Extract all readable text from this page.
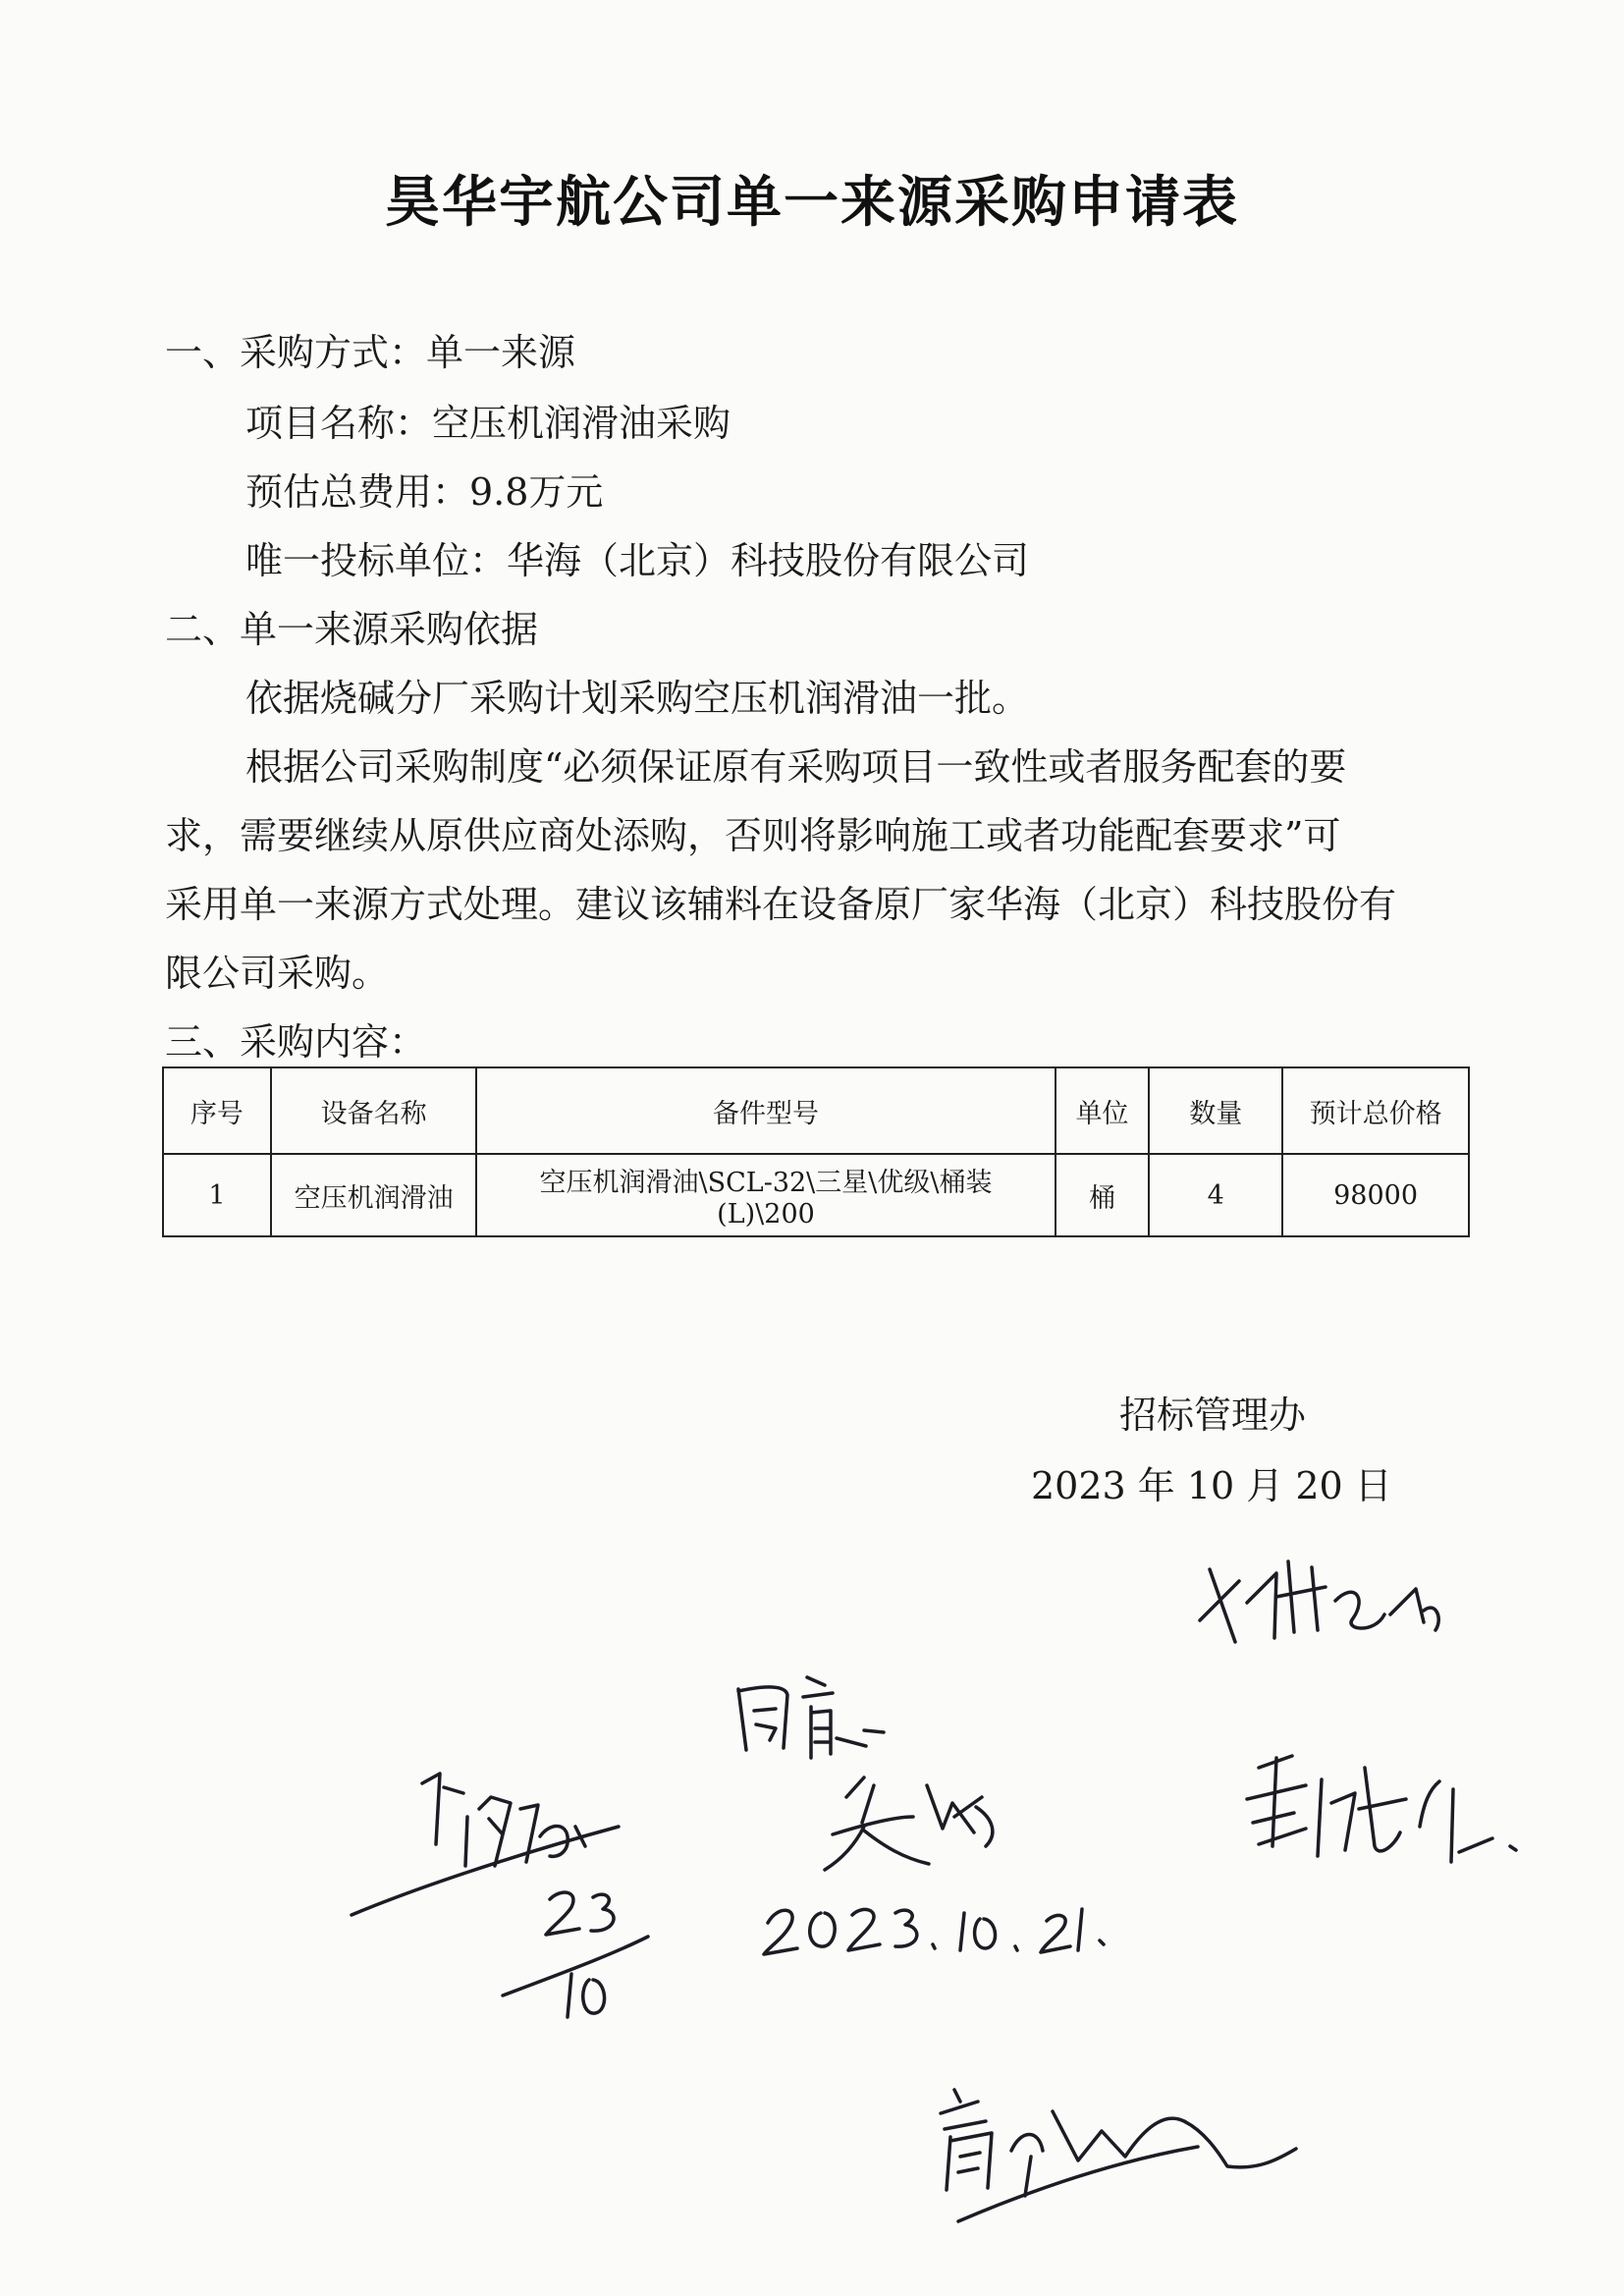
昊华宇航公司单一来源采购申请表
一、采购方式：单一来源
项目名称：空压机润滑油采购
预估总费用：9.8万元
唯一投标单位：华海（北京）科技股份有限公司
二、单一来源采购依据
依据烧碱分厂采购计划采购空压机润滑油一批。
根据公司采购制度“必须保证原有采购项目一致性或者服务配套的要
求，需要继续从原供应商处添购，否则将影响施工或者功能配套要求”可
采用单一来源方式处理。建议该辅料在设备原厂家华海（北京）科技股份有
限公司采购。
三、采购内容：
序号	设备名称	备件型号	单位	数量	预计总价格
1	空压机润滑油	空压机润滑油\SCL-32\三星\优级\桶装
(L)\200	桶	4	98000
招标管理办
2023 年 10 月 20 日
